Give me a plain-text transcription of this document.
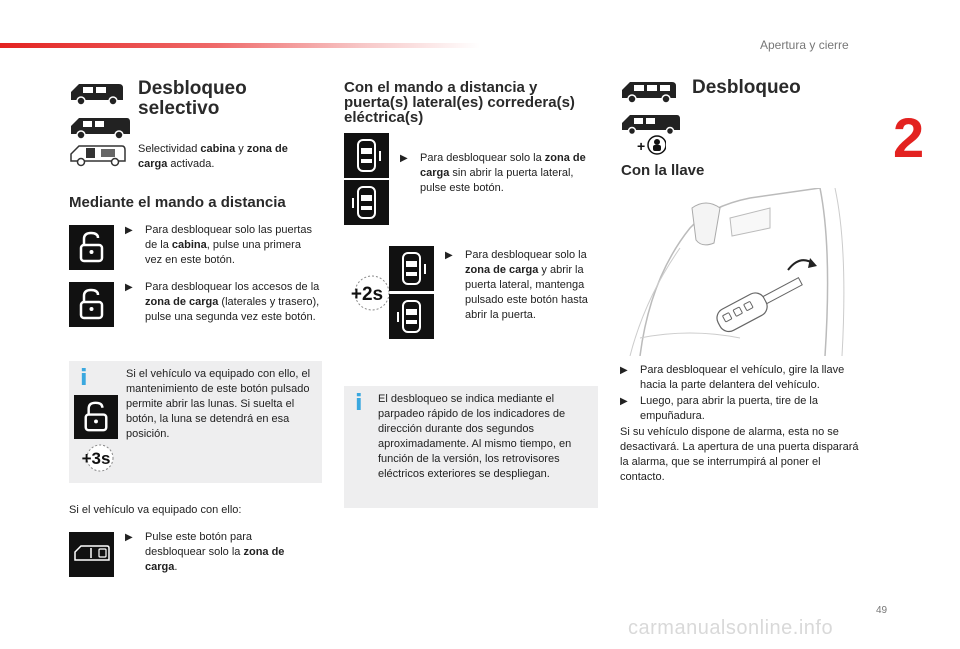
Apertura y cierre
2
Desbloqueo
selectivo
Selectividad cabina y zona de carga activada.
Mediante el mando a distancia
▶	Para desbloquear solo las puertas de la cabina, pulse una primera vez en este botón.
▶	Para desbloquear los accesos de la zona de carga (laterales y trasero), pulse una segunda vez este botón.
i
+3s
Si el vehículo va equipado con ello, el mantenimiento de este botón pulsado permite abrir las lunas. Si suelta el botón, la luna se detendrá en esa posición.
Si el vehículo va equipado con ello:
▶	Pulse este botón para desbloquear solo la zona de carga.
Con el mando a distancia y puerta(s) lateral(es) corredera(s) eléctrica(s)
▶	Para desbloquear solo la zona de carga sin abrir la puerta lateral, pulse este botón.
+2s
▶	Para desbloquear solo la zona de carga y abrir la puerta lateral, mantenga pulsado este botón hasta abrir la puerta.
i El desbloqueo se indica mediante el parpadeo rápido de los indicadores de dirección durante dos segundos aproximadamente. Al mismo tiempo, en función de la versión, los retrovisores eléctricos exteriores se despliegan.
Desbloqueo
+
Con la llave
▶	Para desbloquear el vehículo, gire la llave hacia la parte delantera del vehículo.
▶	Luego, para abrir la puerta, tire de la empuñadura.
Si su vehículo dispone de alarma, esta no se desactivará. La apertura de una puerta disparará la alarma, que se interrumpirá al poner el contacto.
49
carmanualsonline.info
